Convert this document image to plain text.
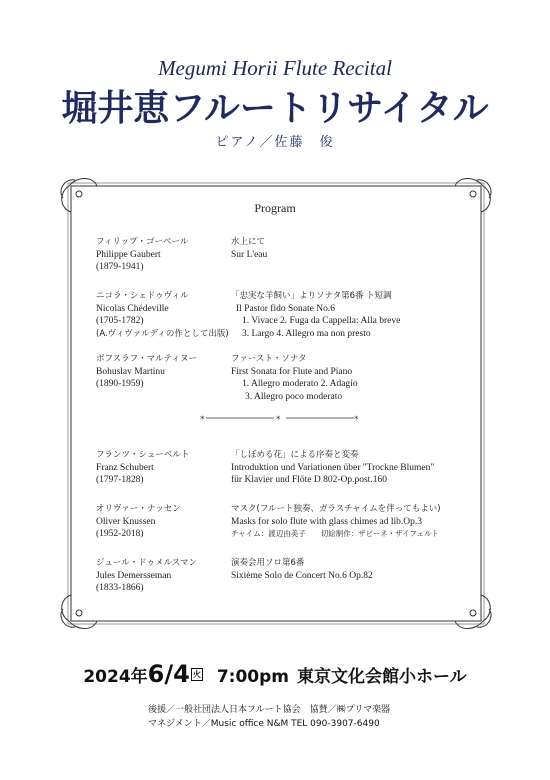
Megumi Horii Flute Recital
堀井恵フルートリサイタル
ピアノ／佐藤　俊
Program
フィリップ・ゴーベール
Philippe Gaubert
(1879-1941)
水上にて
Sur L'eau
ニコラ・シェドゥヴィル
Nicolas Chédeville
(1705-1782)
(A.ヴィヴァルディの作として出版)
「忠実な羊飼い」よりソナタ第6番 ト短調
Il Pastor fido Sonate No.6
1. Vivace 2. Fuga da Cappella: Alla breve
3. Largo 4. Allegro ma non presto
ボフスラフ・マルティヌー
Bohuslav Martinu
(1890-1959)
ファースト・ソナタ
First Sonata for Flute and Piano
1. Allegro moderato 2. Adagio
3. Allegro poco moderato
*	*	*
フランツ・シューベルト
Franz Schubert
(1797-1828)
「しぼめる花」による序奏と変奏
Introduktion und Variationen über "Trockne Blumen"
für Klavier und Flöte D 802-Op.post.160
オリヴァー・ナッセン
Oliver Knussen
(1952-2018)
マスク(フルート独奏、ガラスチャイムを伴ってもよい)
Masks for solo flute with glass chimes ad lib.Op.3
チャイム：渡辺由美子　　切絵制作：ザビーネ・ザイフェルト
ジュール・ドゥメルスマン
Jules Demersseman
(1833-1866)
演奏会用ソロ第6番
Sixième Solo de Concert No.6 Op.82
2024年6/4 火 7:00pm 東京文化会館小ホール
後援／一般社団法人日本フルート協会　協賛／㈱プリマ楽器
マネジメント／Music office N&M TEL 090-3907-6490
